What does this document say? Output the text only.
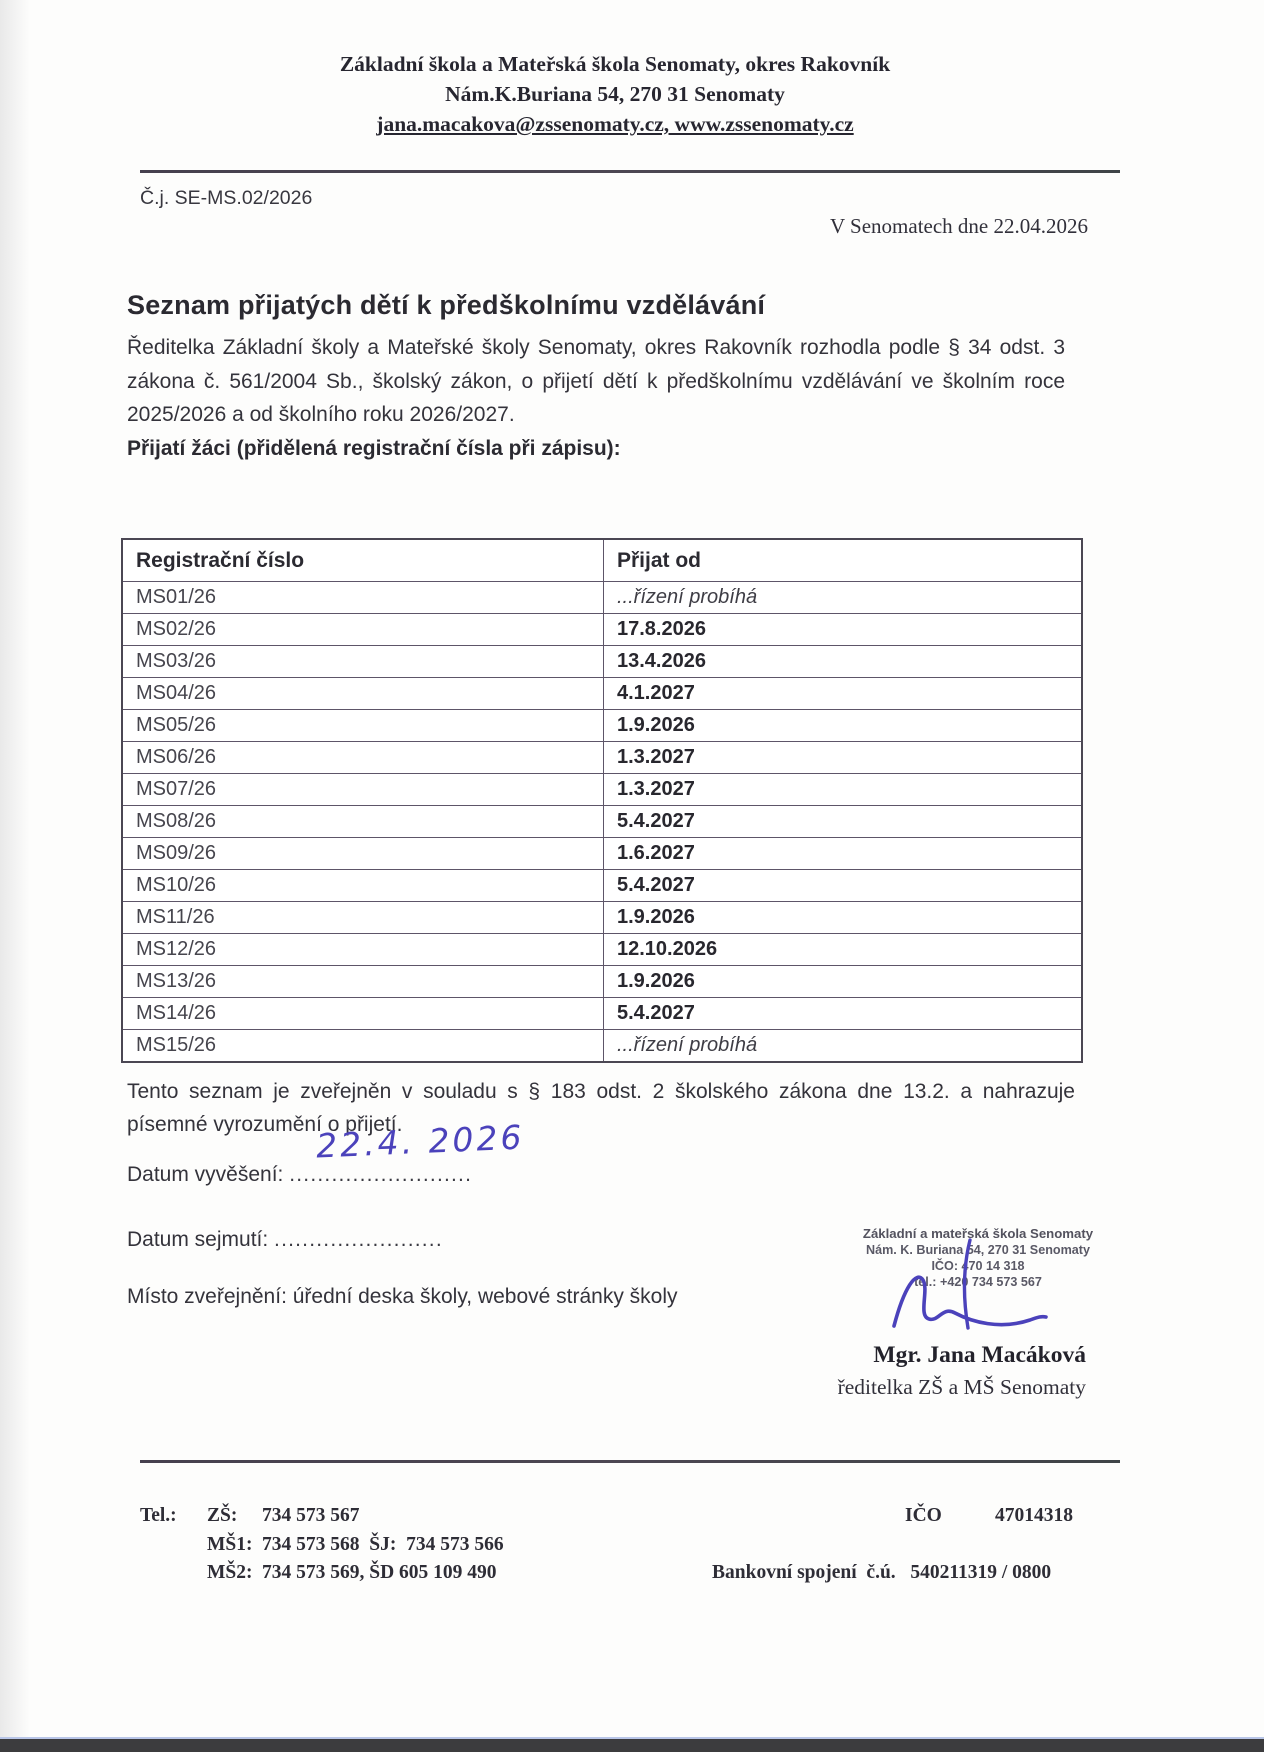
Základní škola a Mateřská škola Senomaty, okres Rakovník
Nám.K.Buriana 54, 270 31 Senomaty
jana.macakova@zssenomaty.cz, www.zssenomaty.cz
Č.j. SE-MS.02/2026
V Senomatech dne 22.04.2026
Seznam přijatých dětí k předškolnímu vzdělávání
Ředitelka Základní školy a Mateřské školy Senomaty, okres Rakovník rozhodla podle § 34 odst. 3 zákona č. 561/2004 Sb., školský zákon, o přijetí dětí k předškolnímu vzdělávání ve školním roce 2025/2026 a od školního roku 2026/2027.
Přijatí žáci (přidělená registrační čísla při zápisu):
Registrační číslo	Přijat od
MS01/26	...řízení probíhá
MS02/26	17.8.2026
MS03/26	13.4.2026
MS04/26	4.1.2027
MS05/26	1.9.2026
MS06/26	1.3.2027
MS07/26	1.3.2027
MS08/26	5.4.2027
MS09/26	1.6.2027
MS10/26	5.4.2027
MS11/26	1.9.2026
MS12/26	12.10.2026
MS13/26	1.9.2026
MS14/26	5.4.2027
MS15/26	...řízení probíhá
Tento seznam je zveřejněn v souladu s § 183 odst. 2 školského zákona dne 13.2. a nahrazuje písemné vyrozumění o přijetí.
Datum vyvěšení: ..........................
22.4. 2026
Datum sejmutí: ........................
Místo zveřejnění: úřední deska školy, webové stránky školy
Základní a mateřská škola Senomaty
Nám. K. Buriana 54, 270 31 Senomaty
IČO: 470 14 318
tel.: +420 734 573 567
Mgr. Jana Macáková
ředitelka ZŠ a MŠ Senomaty
Tel.: ZŠ: 734 573 567
MŠ1: 734 573 568  ŠJ:  734 573 566
MŠ2: 734 573 569, ŠD 605 109 490
IČO	47014318
Bankovní spojení  č.ú. 540211319 / 0800
